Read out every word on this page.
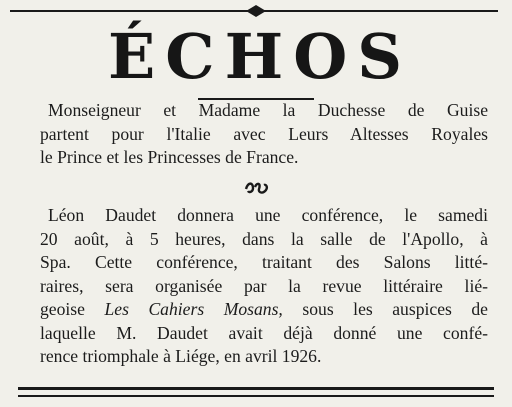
ÉCHOS
Monseigneur et Madame la Duchesse de Guise
partent pour l'Italie avec Leurs Altesses Royales
le Prince et les Princesses de France.
Léon Daudet donnera une conférence, le samedi
20 août, à 5 heures, dans la salle de l'Apollo, à
Spa. Cette conférence, traitant des Salons litté-
raires, sera organisée par la revue littéraire lié-
geoise Les Cahiers Mosans, sous les auspices de
laquelle M. Daudet avait déjà donné une confé-
rence triomphale à Liége, en avril 1926.
